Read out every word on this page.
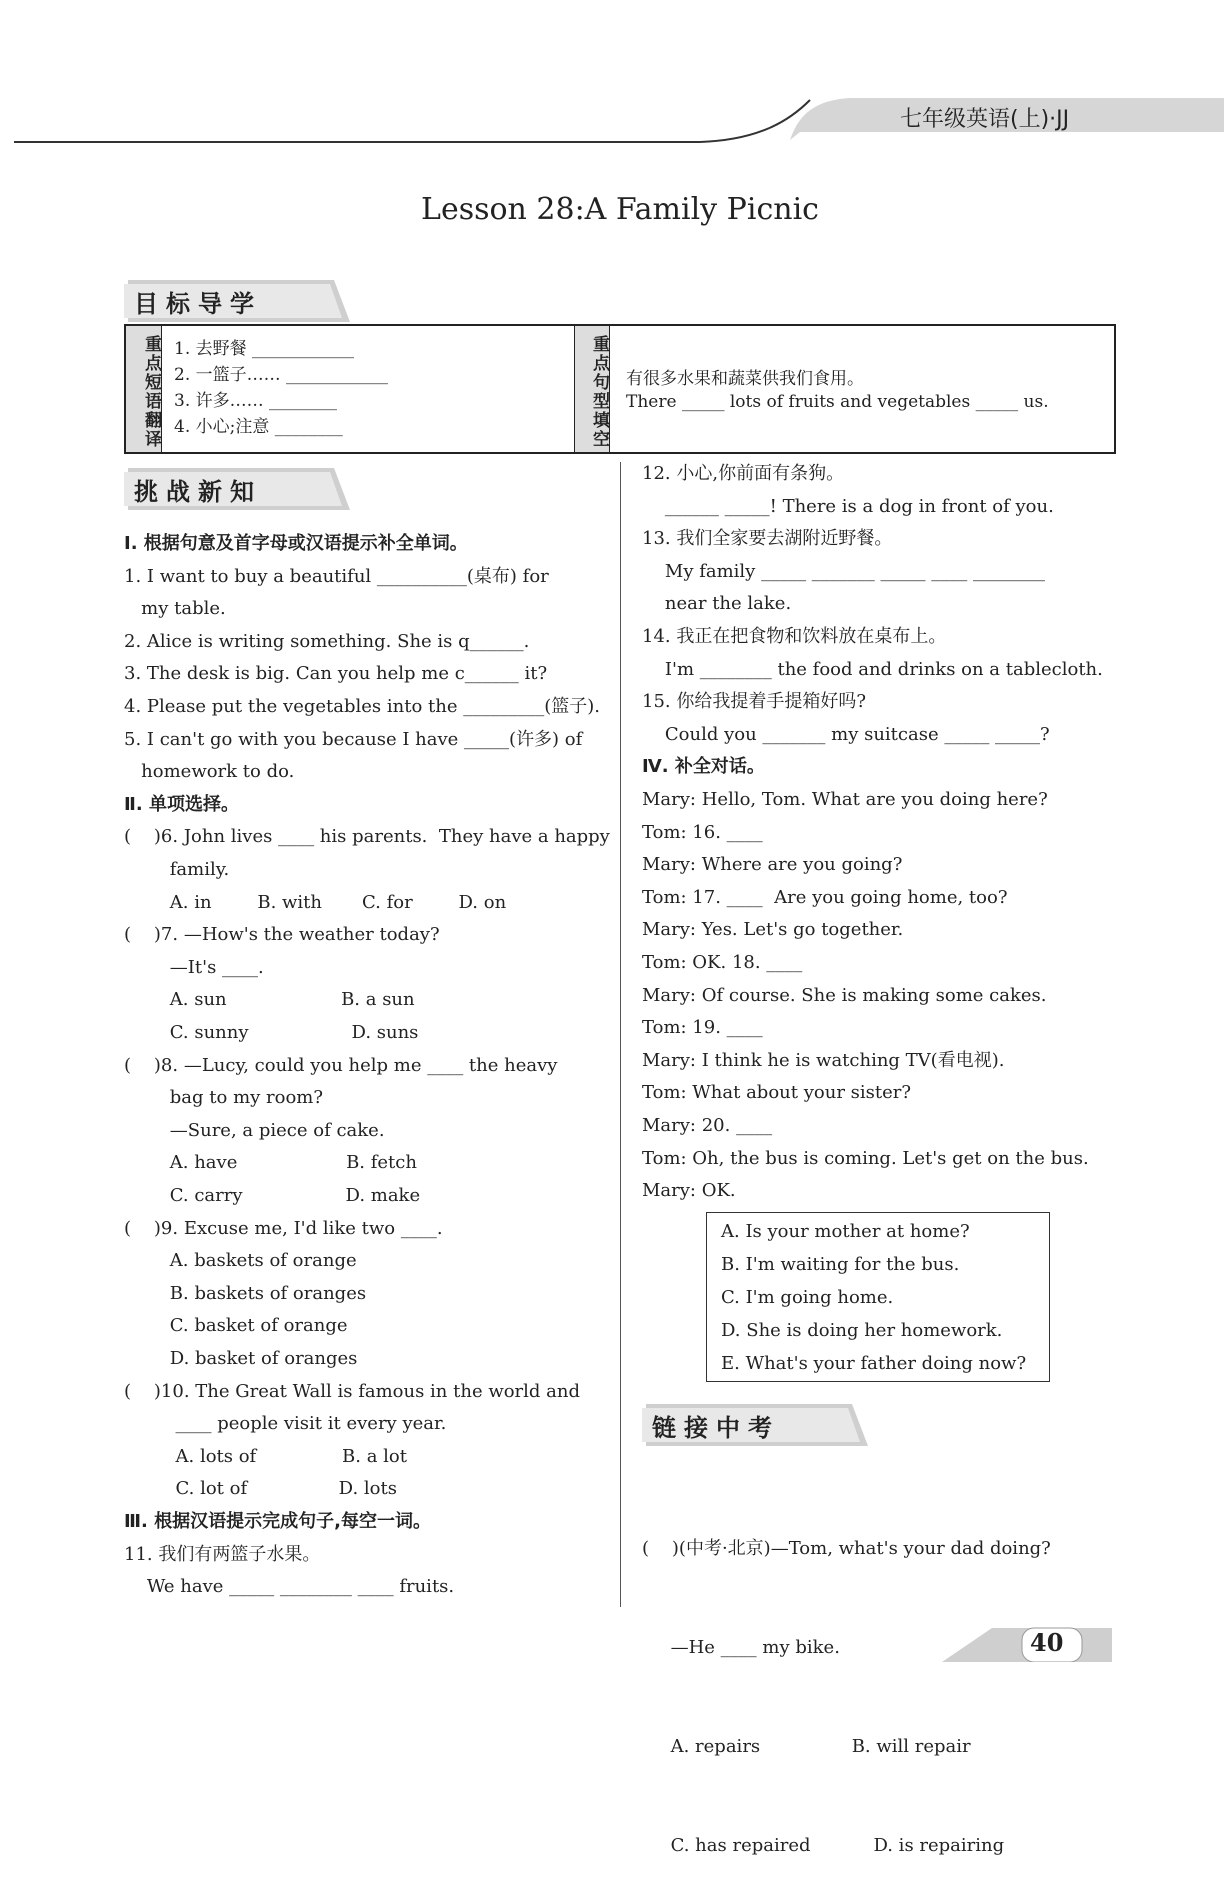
七年级英语(上)·JJ
Lesson 28:A Family Picnic
目标导学
重点短语翻译 1. 去野餐 ____________
2. 一篮子…… ____________
3. 许多…… ________
4. 小心;注意 ________	重点句型填空 有很多水果和蔬菜供我们食用。
There _____ lots of fruits and vegetables _____ us.
挑战新知
Ⅰ. 根据句意及首字母或汉语提示补全单词。
1. I want to buy a beautiful __________(桌布) for
my table.
2. Alice is writing something. She is q______.
3. The desk is big. Can you help me c______ it?
4. Please put the vegetables into the _________(篮子).
5. I can't go with you because I have _____(许多) of
homework to do.
Ⅱ. 单项选择。
(    )6. John lives ____ his parents.  They have a happy
family.
A. in        B. with       C. for        D. on
(    )7. —How's the weather today?
—It's ____.
A. sun                    B. a sun
C. sunny                  D. suns
(    )8. —Lucy, could you help me ____ the heavy
bag to my room?
—Sure, a piece of cake.
A. have                   B. fetch
C. carry                  D. make
(    )9. Excuse me, I'd like two ____.
A. baskets of orange
B. baskets of oranges
C. basket of orange
D. basket of oranges
(    )10. The Great Wall is famous in the world and
____ people visit it every year.
A. lots of               B. a lot
C. lot of                D. lots
Ⅲ. 根据汉语提示完成句子,每空一词。
11. 我们有两篮子水果。
We have _____ ________ ____ fruits.
12. 小心,你前面有条狗。
______ _____! There is a dog in front of you.
13. 我们全家要去湖附近野餐。
My family _____ _______ _____ ____ ________
near the lake.
14. 我正在把食物和饮料放在桌布上。
I'm ________ the food and drinks on a tablecloth.
15. 你给我提着手提箱好吗?
Could you _______ my suitcase _____ _____?
Ⅳ. 补全对话。
Mary: Hello, Tom. What are you doing here?
Tom: 16. ____
Mary: Where are you going?
Tom: 17. ____  Are you going home, too?
Mary: Yes. Let's go together.
Tom: OK. 18. ____
Mary: Of course. She is making some cakes.
Tom: 19. ____
Mary: I think he is watching TV(看电视).
Tom: What about your sister?
Mary: 20. ____
Tom: Oh, the bus is coming. Let's get on the bus.
Mary: OK.
A. Is your mother at home?
B. I'm waiting for the bus.
C. I'm going home.
D. She is doing her homework.
E. What's your father doing now?
链接中考

(    )(中考·北京)—Tom, what's your dad doing?

—He ____ my bike.

A. repairs                B. will repair

C. has repaired           D. is repairing

40
